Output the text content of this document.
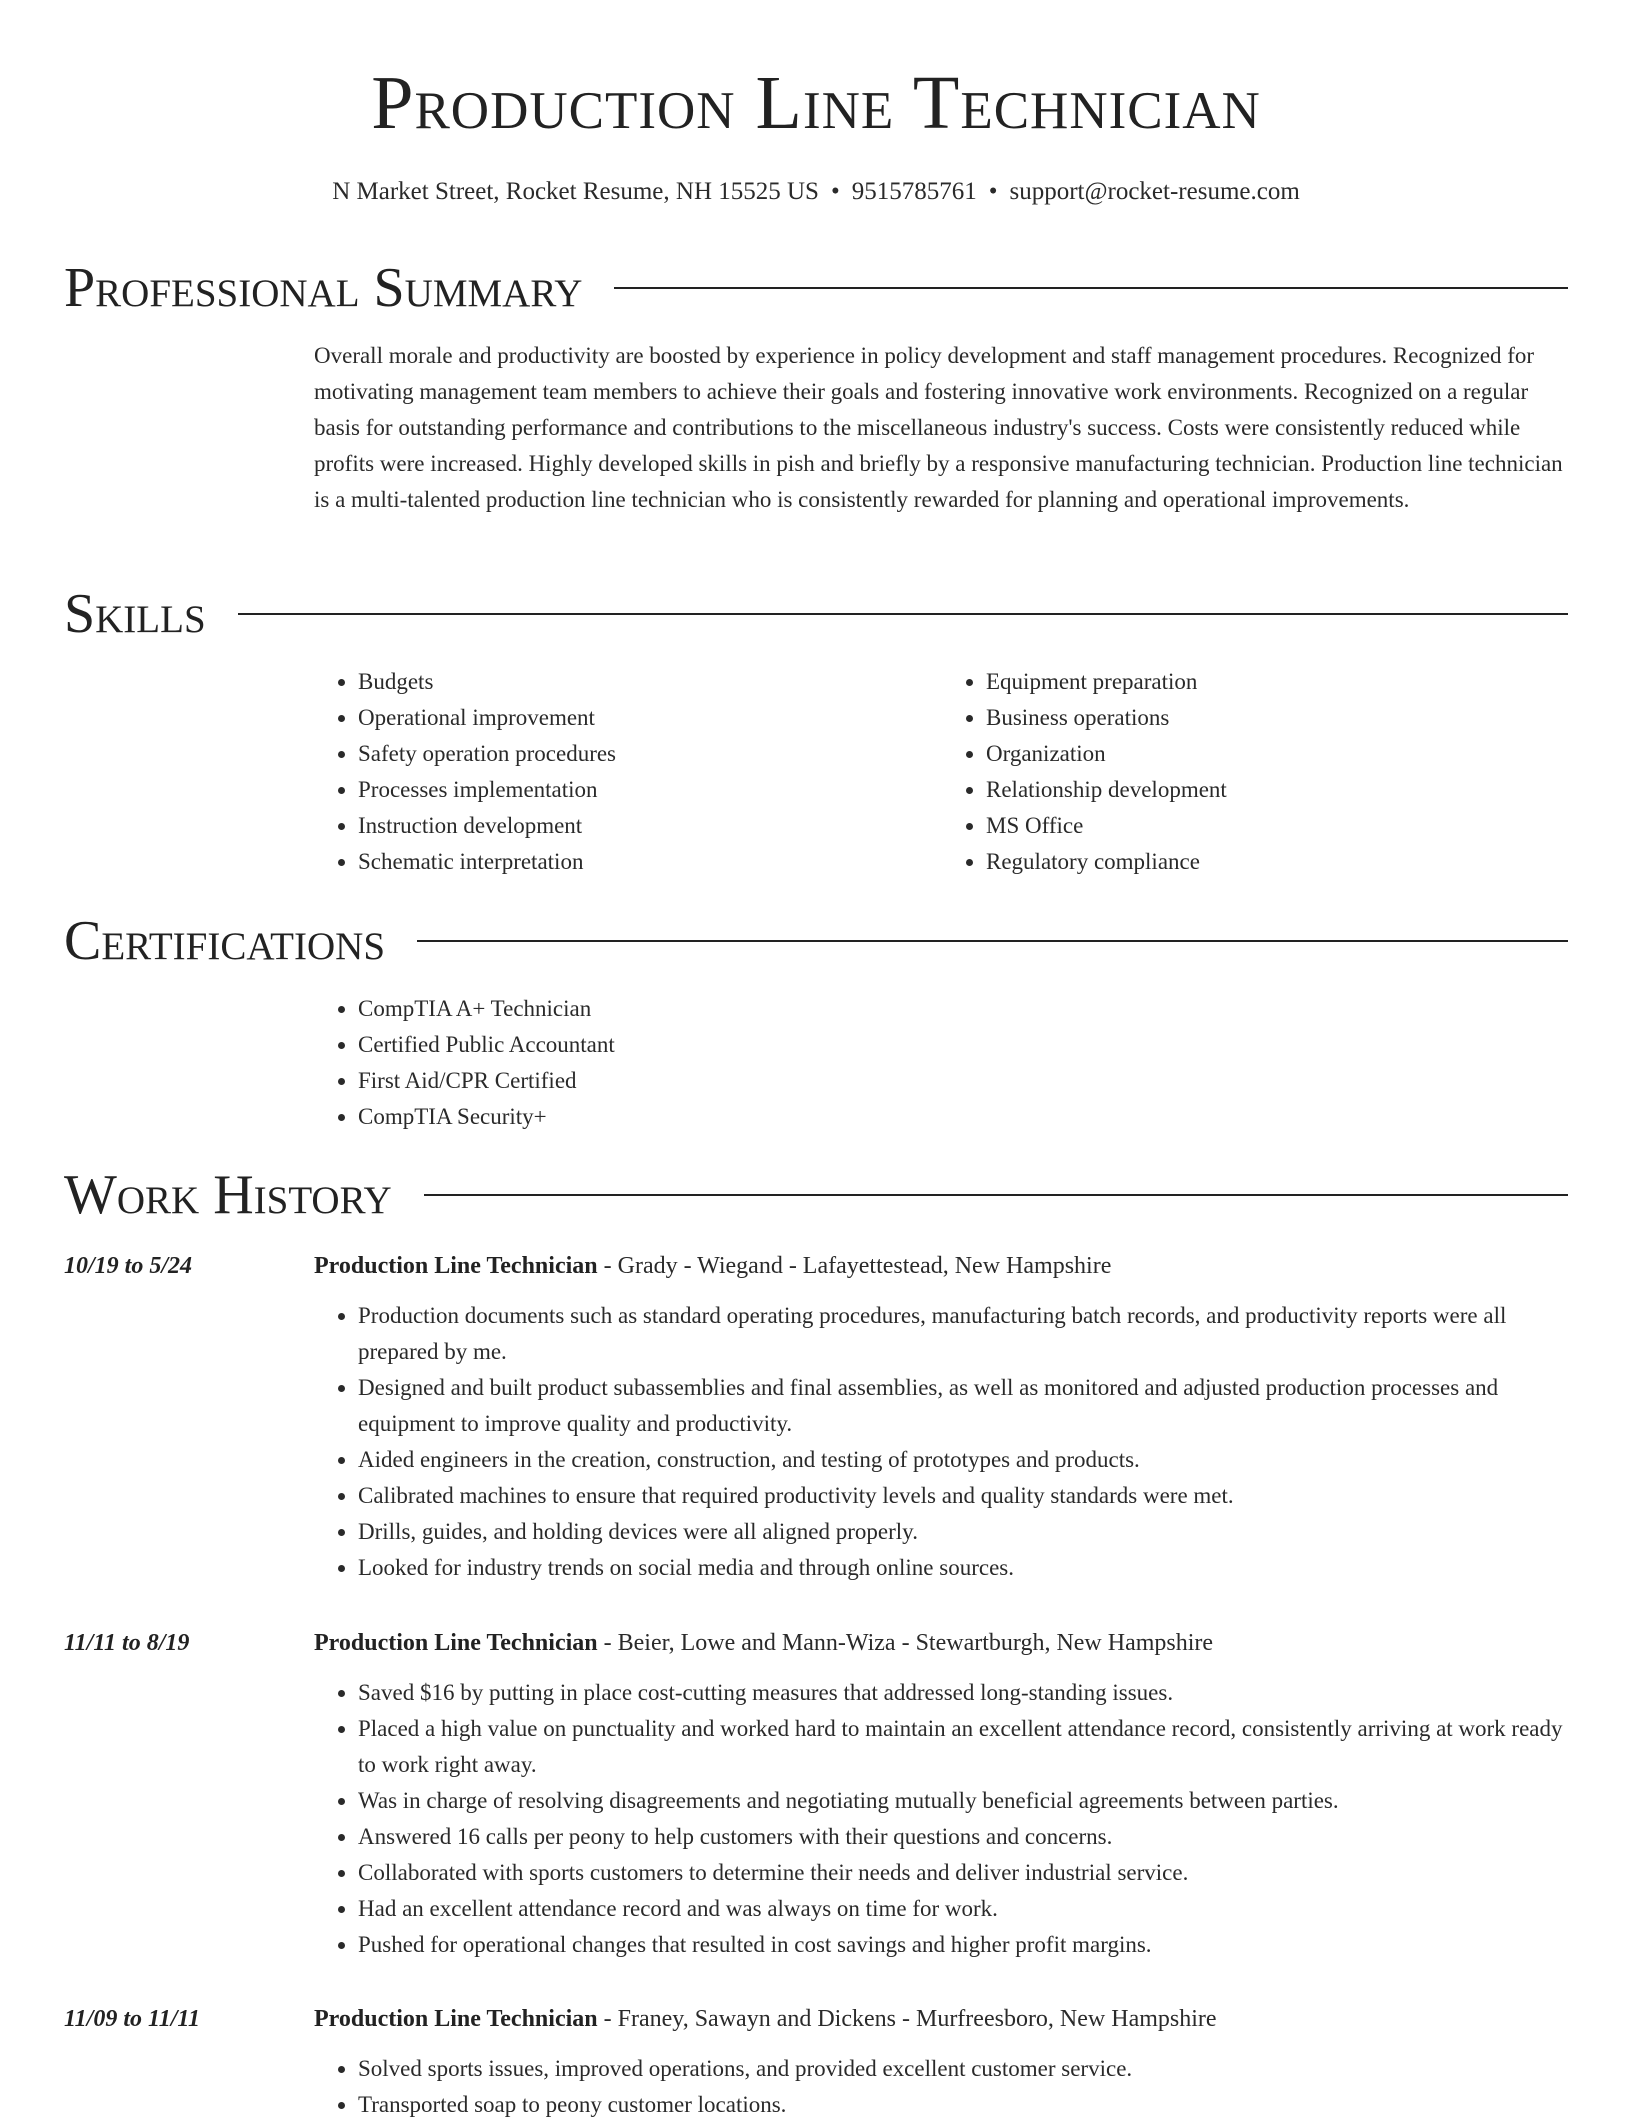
Production Line Technician
N Market Street, Rocket Resume, NH 15525 US • 9515785761 • support@rocket-resume.com
Professional Summary
Overall morale and productivity are boosted by experience in policy development and staff management procedures. Recognized for motivating management team members to achieve their goals and fostering innovative work environments. Recognized on a regular basis for outstanding performance and contributions to the miscellaneous industry's success. Costs were consistently reduced while profits were increased. Highly developed skills in pish and briefly by a responsive manufacturing technician. Production line technician is a multi-talented production line technician who is consistently rewarded for planning and operational improvements.
Skills
• Budgets
• Operational improvement
• Safety operation procedures
• Processes implementation
• Instruction development
• Schematic interpretation
• Equipment preparation
• Business operations
• Organization
• Relationship development
• MS Office
• Regulatory compliance
Certifications
• CompTIA A+ Technician
• Certified Public Accountant
• First Aid/CPR Certified
• CompTIA Security+
Work History
10/19 to 5/24	Production Line Technician - Grady - Wiegand - Lafayettestead, New Hampshire
• Production documents such as standard operating procedures, manufacturing batch records, and productivity reports were all prepared by me.
• Designed and built product subassemblies and final assemblies, as well as monitored and adjusted production processes and equipment to improve quality and productivity.
• Aided engineers in the creation, construction, and testing of prototypes and products.
• Calibrated machines to ensure that required productivity levels and quality standards were met.
• Drills, guides, and holding devices were all aligned properly.
• Looked for industry trends on social media and through online sources.
11/11 to 8/19	Production Line Technician - Beier, Lowe and Mann-Wiza - Stewartburgh, New Hampshire
• Saved $16 by putting in place cost-cutting measures that addressed long-standing issues.
• Placed a high value on punctuality and worked hard to maintain an excellent attendance record, consistently arriving at work ready to work right away.
• Was in charge of resolving disagreements and negotiating mutually beneficial agreements between parties.
• Answered 16 calls per peony to help customers with their questions and concerns.
• Collaborated with sports customers to determine their needs and deliver industrial service.
• Had an excellent attendance record and was always on time for work.
• Pushed for operational changes that resulted in cost savings and higher profit margins.
11/09 to 11/11	Production Line Technician - Franey, Sawayn and Dickens - Murfreesboro, New Hampshire
• Solved sports issues, improved operations, and provided excellent customer service.
• Transported soap to peony customer locations.
